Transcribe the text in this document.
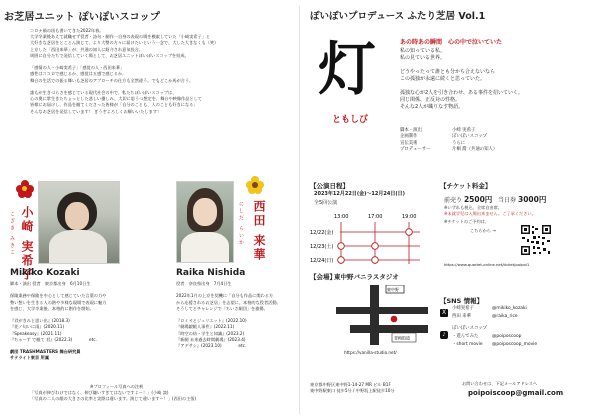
お芝居ユニット ぽいぽいスコップ
コロナ禍の頃も書いてきた2022年春。
大学卒業後あえて就職せず役者・詩句・劇作一自身の表現の場を模索していた「小崎実希子」と
大好きな芝居をとことん演じて、より大勢の方々に届けたいという一念で、大した大きなくも（笑）
上京した「西田来華」が、共通の知人に紹介され意気投合。
周囲に自分たちで発信していく場として、お芝居ユニットぽいぽいスコップを結成。

「感情の人・小崎実希子」「感覚の人・西田来華」
感性はココロで感じるか、感覚は五感で感じるか。
舞台の生活での振る舞いも芝居のアプローチの仕方も全然違う。でもどこか馬が合う。

誰もが生きづらさを感じている現代社会の中で、私たちぽいぽいスコップは、
心の奥に掌生きたちょっとした悲しい優しみ、大切に思うつ想定を、舞台や映像作品として
皆様にお届けし、作品を観てくださった皆様が「自分のことも、人のことも好きになる」
そんなお芝居を発信しています！ ぎうぞよろしくお願いいたします！
小崎 実希子
こざき みきこ	西田 来華
にしだ らいか
Mikiko Kozaki	Raika Nishida
脚本・演出 役者　東京都出身　6月10日生

保険業務や保険を中心として感じていた言葉の力や
勢い想いを生きる人の熱や多様な現場で表現に魅力
を感じ、大学卒業後、本格的に創作を開始。

『君がきみと思い出』(2018.3)
『花ノ匂いに雨』(2020.11)
『Speakeasy』(2021.11)
『ちゃーず で観て 君』(2022.3)　　　　etc.

劇団 TRASHMASTERS 舞台研究員
サテライト東京 所属
役者　奈良県出身　7月4日生

2022年1月の上京を契機に「自分も作品に関わる方
から応援されるお芝居」を志望に、本格的な役者活動。
そうしてとチャレンジで「ちいさ劇団」を旗揚。

『ロミオとジュリエット』(2022.10)
『劇場緞帳人事件』(2022.11)
『時空の紡・学生と知識』(2023.2)
『新劇 未来過去時間劇場』(2023.4)
『アデサシ』(2023.10)　　　　etc.
※プロフィール写真への注釈
「写真が伸びわけではなく、伸び嫌いすぎてはないですよー！」(小崎 談)
「写真の二人の顔の大きさの比率と実際は違います。演じて違いますー！」(西田の主張)
ぽいぽいプロデュース ふたり芝居 Vol.1
灯
ともしび
あの時あの瞬間　心の中で泣いていた
私の知っている私。
私の見ている世界。

どうやったって誰とも分かち合えないなら
この孤独が永遠に続くと思っていた。

孤独な心が2人を引き合わせ、ある事件を招いていく。
同じ関係、正反対の性格。
そんな2人が織りなす物語。
脚本・演出	小崎 実希子
企画制作	ぽいぽいスコップ
宣伝美術	うらに
プロデューサー	片桐 喬（共通の知人）
【公演日程】
2023年12月22日(金)〜12月24日(日)
全5回公演
13:00	17:00	19:00
12/22(金)
12/23(土)
12/24(日)
【チケット料金】
前売り 2500円 当日券 3000円
※いずれも税込、全席自由席。
※未就学児は入場出来ません。ご了承ください。
※チケットのご予約は、
こちらから →
https://www.quartet-online.net/ticket/poipoi1
【会場】
東中野バニラスタジオ
東中野
青梅街道
https://vanilla-studio.net/
東京都中野区東中野1-14-27 MR ビル B1F
東中野駅東口 徒歩5分 / 中野坂上駅徒歩10分
【SNS 情報】
X
小崎実希子	@mikiko_kozaki
西田 来華	@raika_rice
♪
ぽいぽいスコップ
・遊んでみた	@poiposcoop
・short movie	@poiposcoop_movie
お問い合わせは、下記メールアドレスへ
poipoiscoop@gmail.com
